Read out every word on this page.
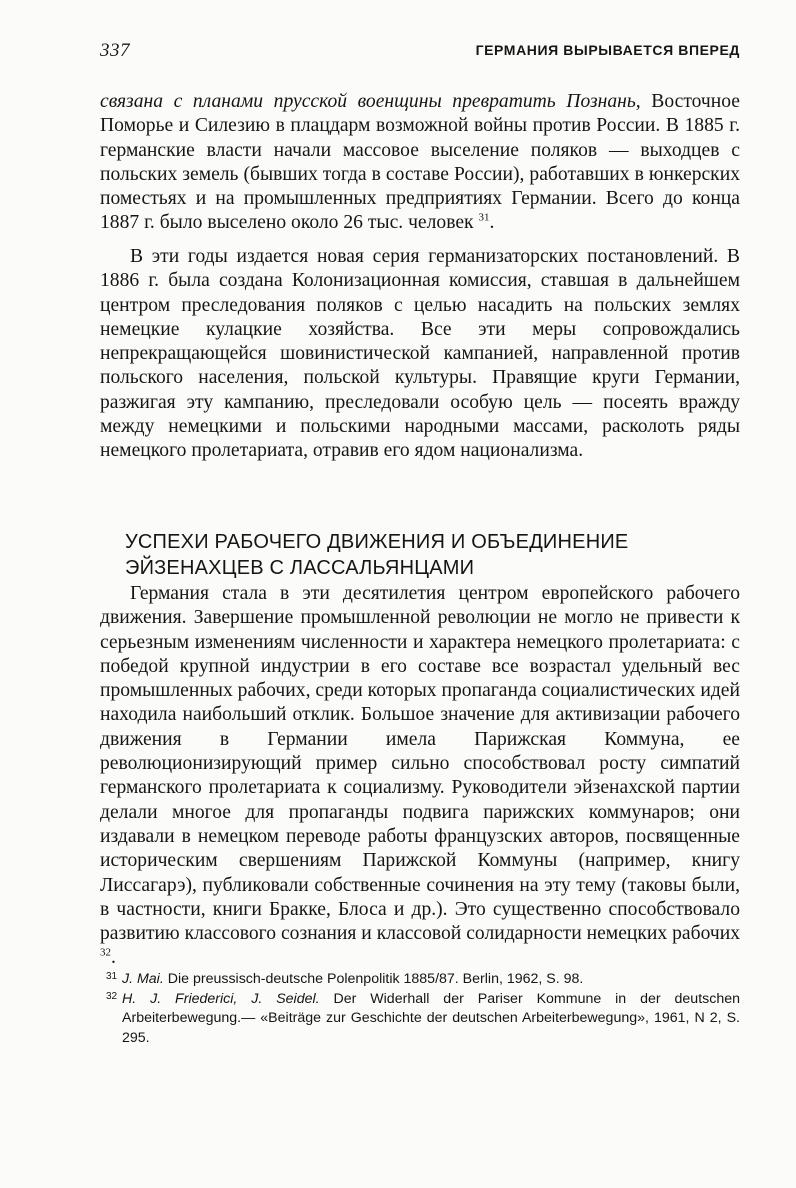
337	ГЕРМАНИЯ ВЫРЫВАЕТСЯ ВПЕРЕД

связана с планами прусской военщины превратить Познань, Восточное Поморье и Силезию в плацдарм возможной войны против России. В 1885 г. германские власти начали массовое выселение поляков — выходцев с польских земель (бывших тогда в составе России), работавших в юнкерских поместьях и на промышленных предприятиях Германии. Всего до конца 1887 г. было выселено около 26 тыс. человек $^{31}$.

В эти годы издается новая серия германизаторских постановлений. В 1886 г. была создана Колонизационная комиссия, ставшая в дальнейшем центром преследования поляков с целью насадить на польских землях немецкие кулацкие хозяйства. Все эти меры сопровождались непрекращающейся шовинистической кампанией, направленной против польского населения, польской культуры. Правящие круги Германии, разжигая эту кампанию, преследовали особую цель — посеять вражду между немецкими и польскими народными массами, расколоть ряды немецкого пролетариата, отравив его ядом национализма.

УСПЕХИ РАБОЧЕГО ДВИЖЕНИЯ И ОБЪЕДИНЕНИЕ
ЭЙЗЕНАХЦЕВ С ЛАССАЛЬЯНЦАМИ

Германия стала в эти десятилетия центром европейского рабочего движения. Завершение промышленной революции не могло не привести к серьезным изменениям численности и характера немецкого пролетариата: с победой крупной индустрии в его составе все возрастал удельный вес промышленных рабочих, среди которых пропаганда социалистических идей находила наибольший отклик. Большое значение для активизации рабочего движения в Германии имела Парижская Коммуна, ее революционизирующий пример сильно способствовал росту симпатий германского пролетариата к социализму. Руководители эйзенахской партии делали многое для пропаганды подвига парижских коммунаров; они издавали в немецком переводе работы французских авторов, посвященные историческим свершениям Парижской Коммуны (например, книгу Лиссагарэ), публиковали собственные сочинения на эту тему (таковы были, в частности, книги Бракке, Блоса и др.). Это существенно способствовало развитию классового сознания и классовой солидарности немецких рабочих $^{32}$.

31 J. Mai. Die preussisch-deutsche Polenpolitik 1885/87. Berlin, 1962, S. 98.
32 H. J. Friederici, J. Seidel. Der Widerhall der Pariser Kommune in der deutschen Arbeiterbewegung.— «Beiträge zur Geschichte der deutschen Arbeiterbewegung», 1961, N 2, S. 295.
